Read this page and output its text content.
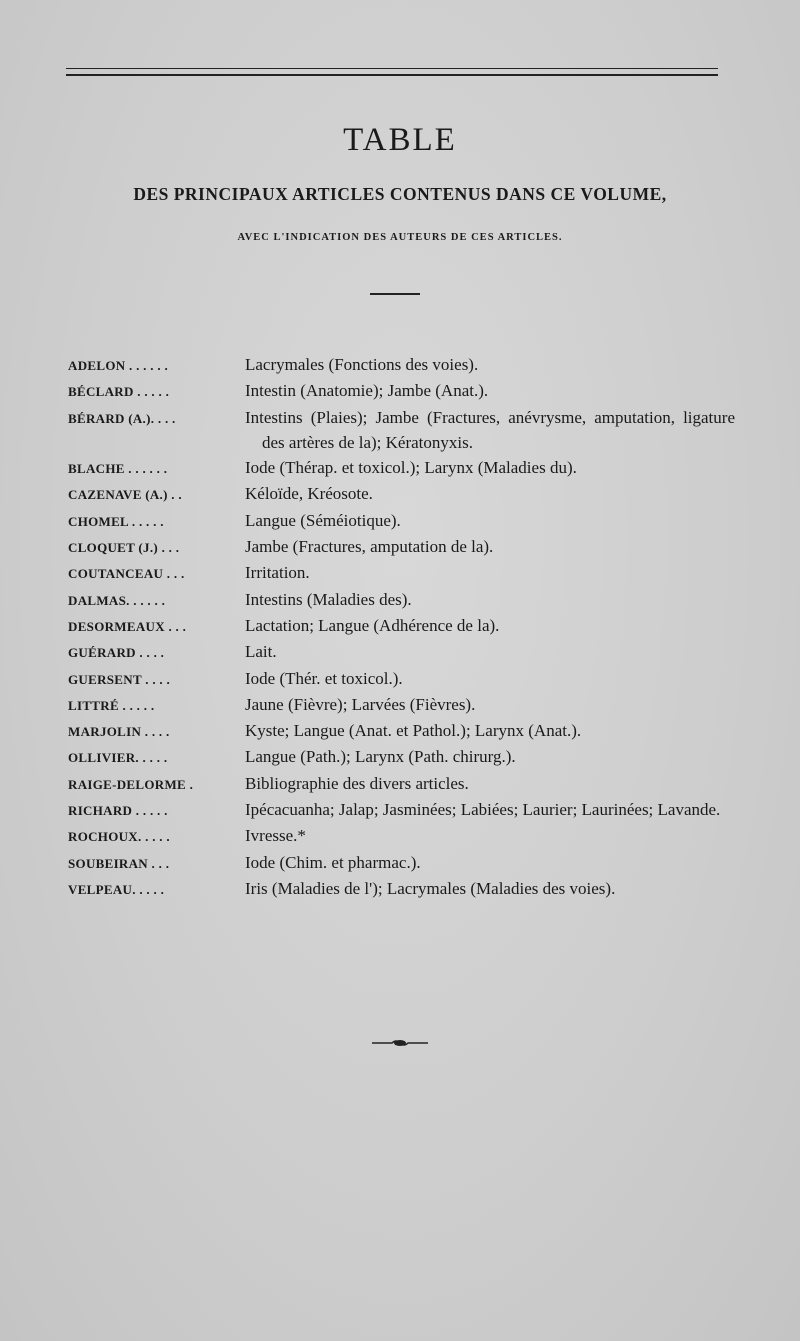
TABLE
DES PRINCIPAUX ARTICLES CONTENUS DANS CE VOLUME,
AVEC L'INDICATION DES AUTEURS DE CES ARTICLES.
ADELON . . . . . .	Lacrymales (Fonctions des voies).
BÉCLARD . . . . .	Intestin (Anatomie); Jambe (Anat.).
BÉRARD (A.). . . .	Intestins (Plaies); Jambe (Fractures, anévrysme, amputation, ligature des artères de la); Kératonyxis.
BLACHE . . . . . .	Iode (Thérap. et toxicol.); Larynx (Maladies du).
CAZENAVE (A.) . .	Kéloïde, Kréosote.
CHOMEL . . . . .	Langue (Séméiotique).
CLOQUET (J.) . . .	Jambe (Fractures, amputation de la).
COUTANCEAU . . .	Irritation.
DALMAS. . . . . .	Intestins (Maladies des).
DESORMEAUX . . .	Lactation; Langue (Adhérence de la).
GUÉRARD . . . .	Lait.
GUERSENT . . . .	Iode (Thér. et toxicol.).
LITTRÉ . . . . .	Jaune (Fièvre); Larvées (Fièvres).
MARJOLIN . . . .	Kyste; Langue (Anat. et Pathol.); Larynx (Anat.).
OLLIVIER. . . . .	Langue (Path.); Larynx (Path. chirurg.).
RAIGE-DELORME .	Bibliographie des divers articles.
RICHARD . . . . .	Ipécacuanha; Jalap; Jasminées; Labiées; Laurier; Laurinées; Lavande.
ROCHOUX. . . . .	Ivresse.*
SOUBEIRAN . . .	Iode (Chim. et pharmac.).
VELPEAU. . . . .	Iris (Maladies de l'); Lacrymales (Maladies des voies).
